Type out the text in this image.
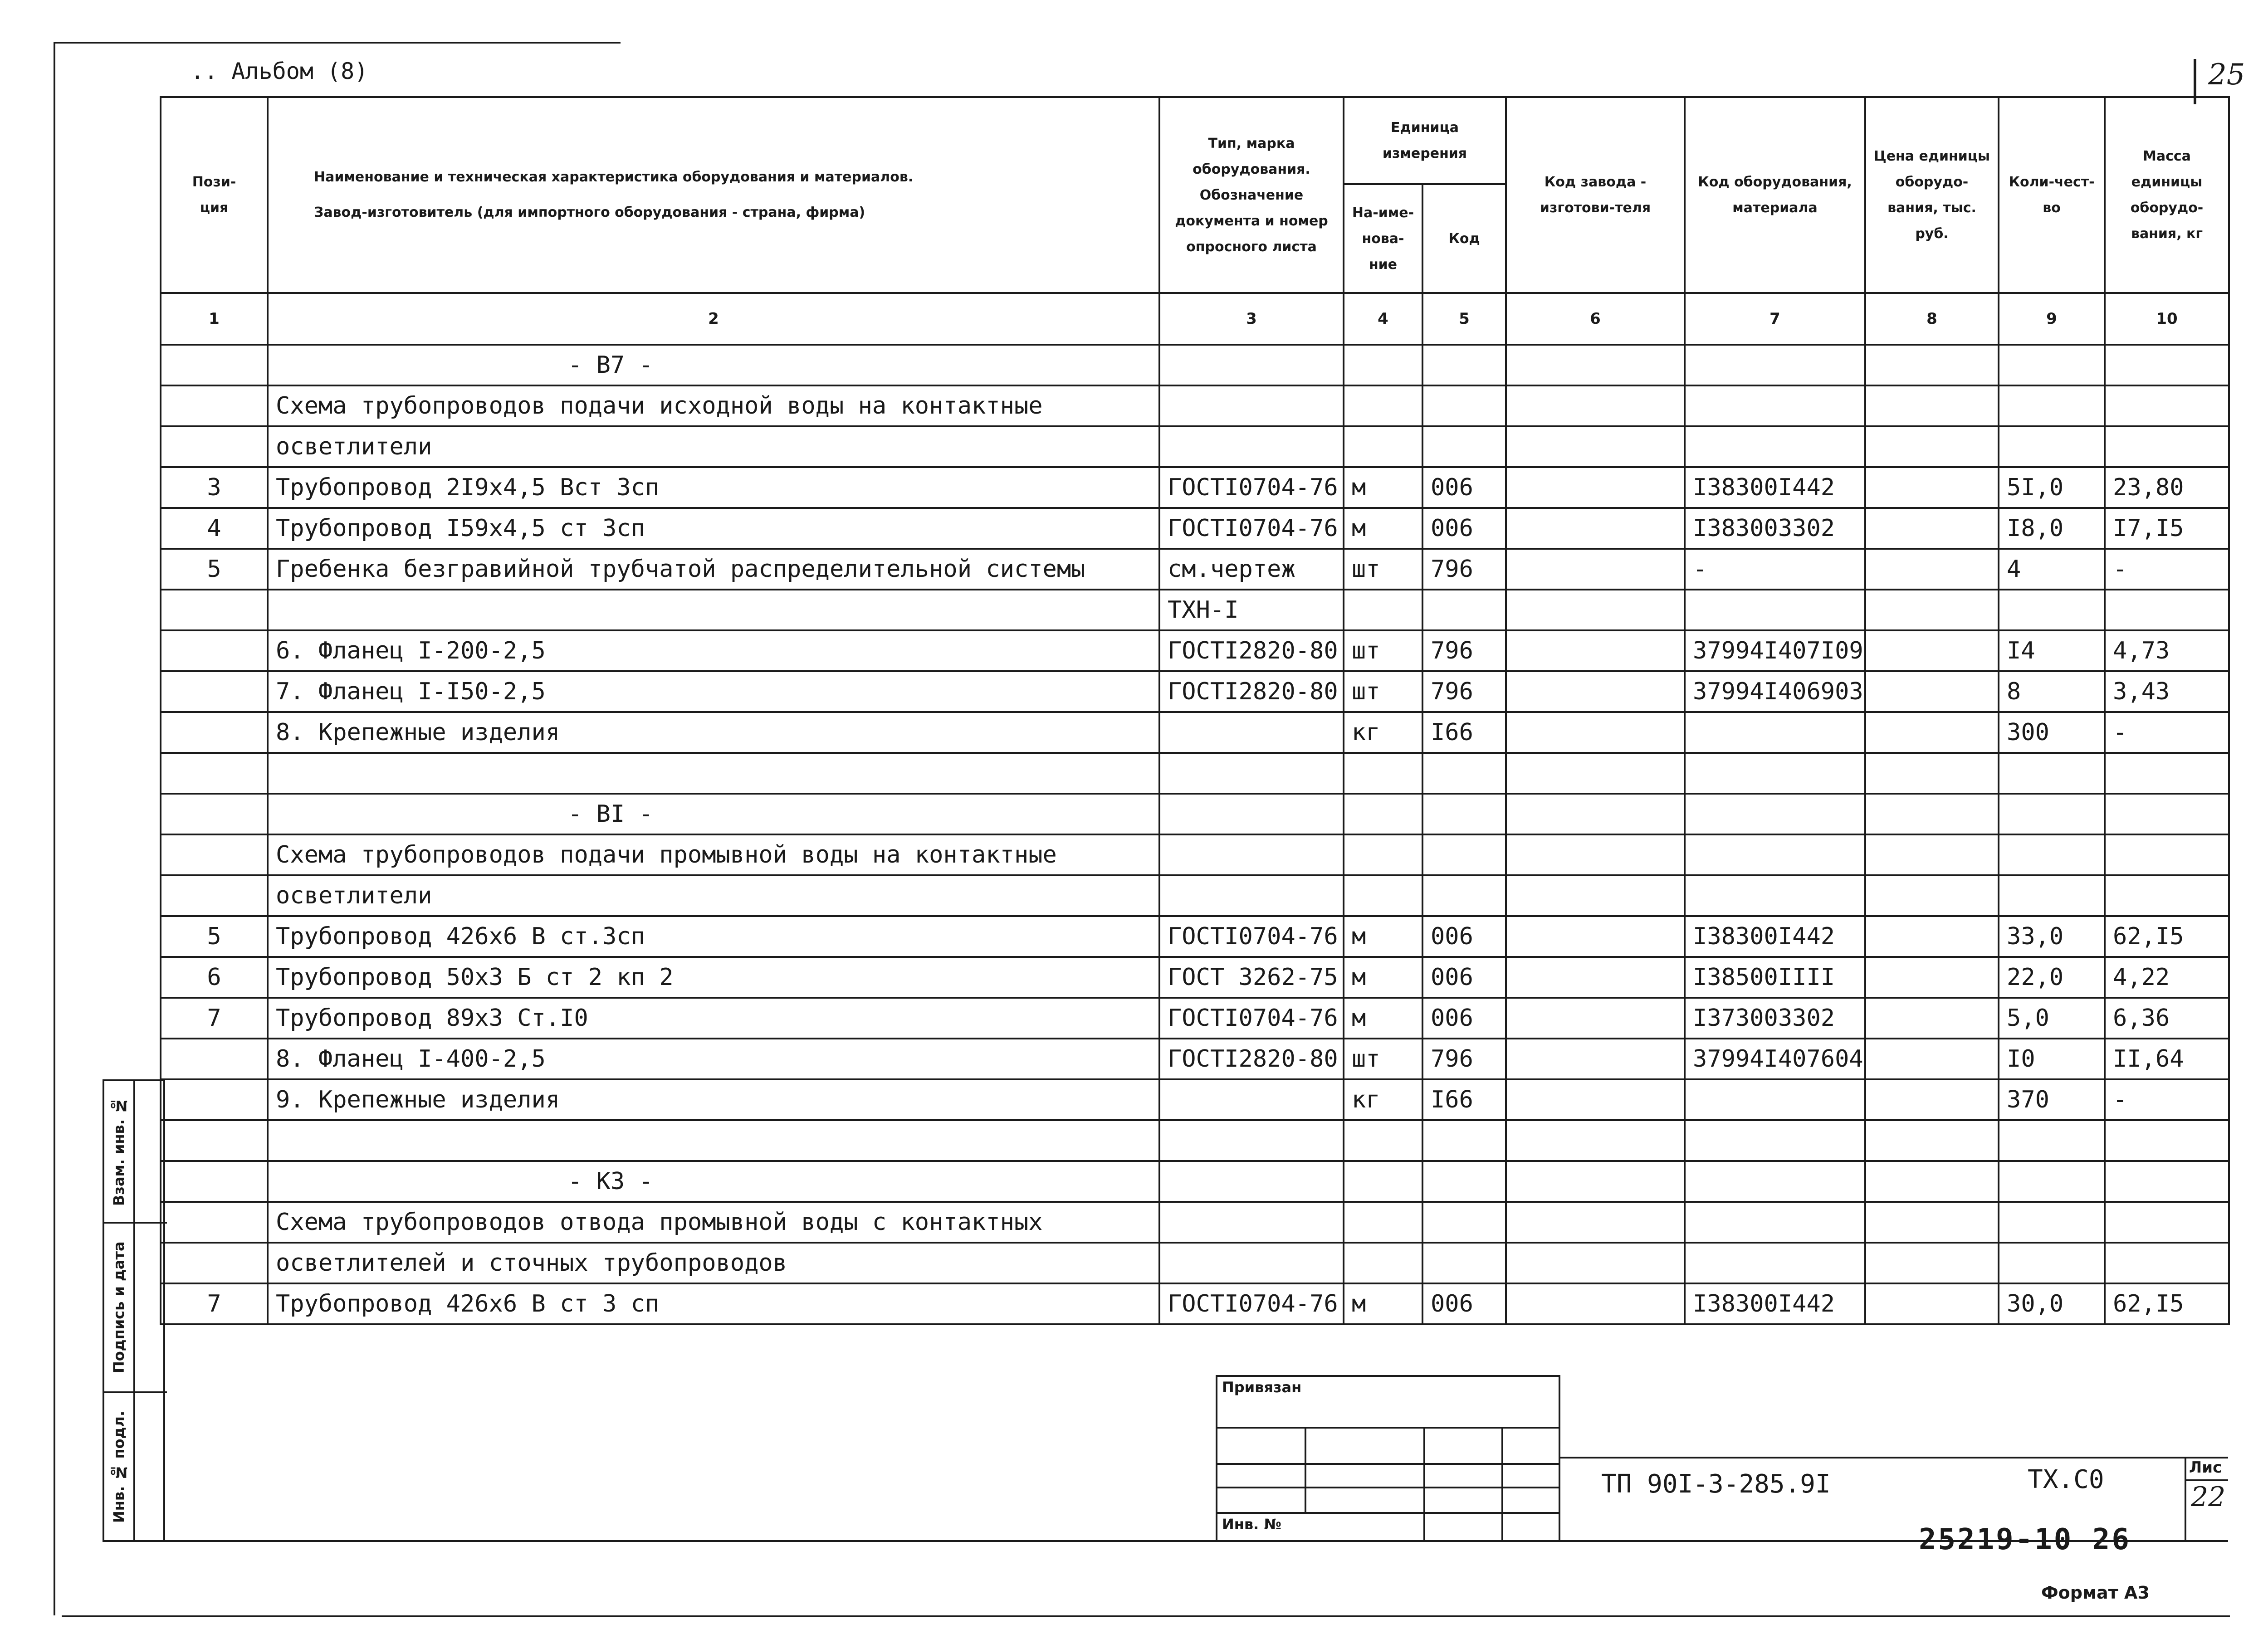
.. Альбом (8)	25
Пози-
ция	Наименование и техническая характеристика оборудования и материалов.
Завод-изготовитель (для импортного оборудования - страна, фирма)	Тип, марка оборудования. Обозначение документа и номер опросного листа	Единица измерения		Код завода - изготови-теля	Код оборудования, материала	Цена единицы оборудо-вания, тыс. руб.	Коли-чест-во	Масса единицы оборудо-вания, кг
			На-име-нова-ние	Код					
1	2	3	4	5	6	7	8	9	10
	- В7 -								
	Схема трубопроводов подачи исходной воды на контактные								
	осветлители								
3	Трубопровод 2I9х4,5 Вст 3сп	ГОСТI0704-76	м	006		I38300I442		5I,0	23,80
4	Трубопровод I59х4,5 ст 3сп	ГОСТI0704-76	м	006		I383003302		I8,0	I7,I5
5	Гребенка безгравийной трубчатой распределительной системы	см.чертеж	шт	796		-		4	-
		ТХН-I							
	6. Фланец I-200-2,5	ГОСТI2820-80	шт	796		37994I407I09		I4	4,73
	7. Фланец I-I50-2,5	ГОСТI2820-80	шт	796		37994I406903		8	3,43
	8. Крепежные изделия		кг	I66				300	-

	- ВI -								
	Схема трубопроводов подачи промывной воды на контактные								
	осветлители								
5	Трубопровод 426х6 В ст.3сп	ГОСТI0704-76	м	006		I38300I442		33,0	62,I5
6	Трубопровод 50х3 Б ст 2 кп 2	ГОСТ 3262-75	м	006		I38500IIII		22,0	4,22
7	Трубопровод 89х3 Ст.I0	ГОСТI0704-76	м	006		I373003302		5,0	6,36
	8. Фланец I-400-2,5	ГОСТI2820-80	шт	796		37994I407604		I0	II,64
	9. Крепежные изделия		кг	I66				370	-

	- К3 -								
	Схема трубопроводов отвода промывной воды с контактных								
	осветлителей и сточных трубопроводов								
7	Трубопровод 426х6 В ст 3 сп	ГОСТI0704-76	м	006		I38300I442		30,0	62,I5
Взам. инв. №
Подпись и дата
Инв. № подл.
Привязан
Инв. №
ТП 90I-3-285.9I	ТХ.С0	Лис
22
25219-10 26
Формат А3
